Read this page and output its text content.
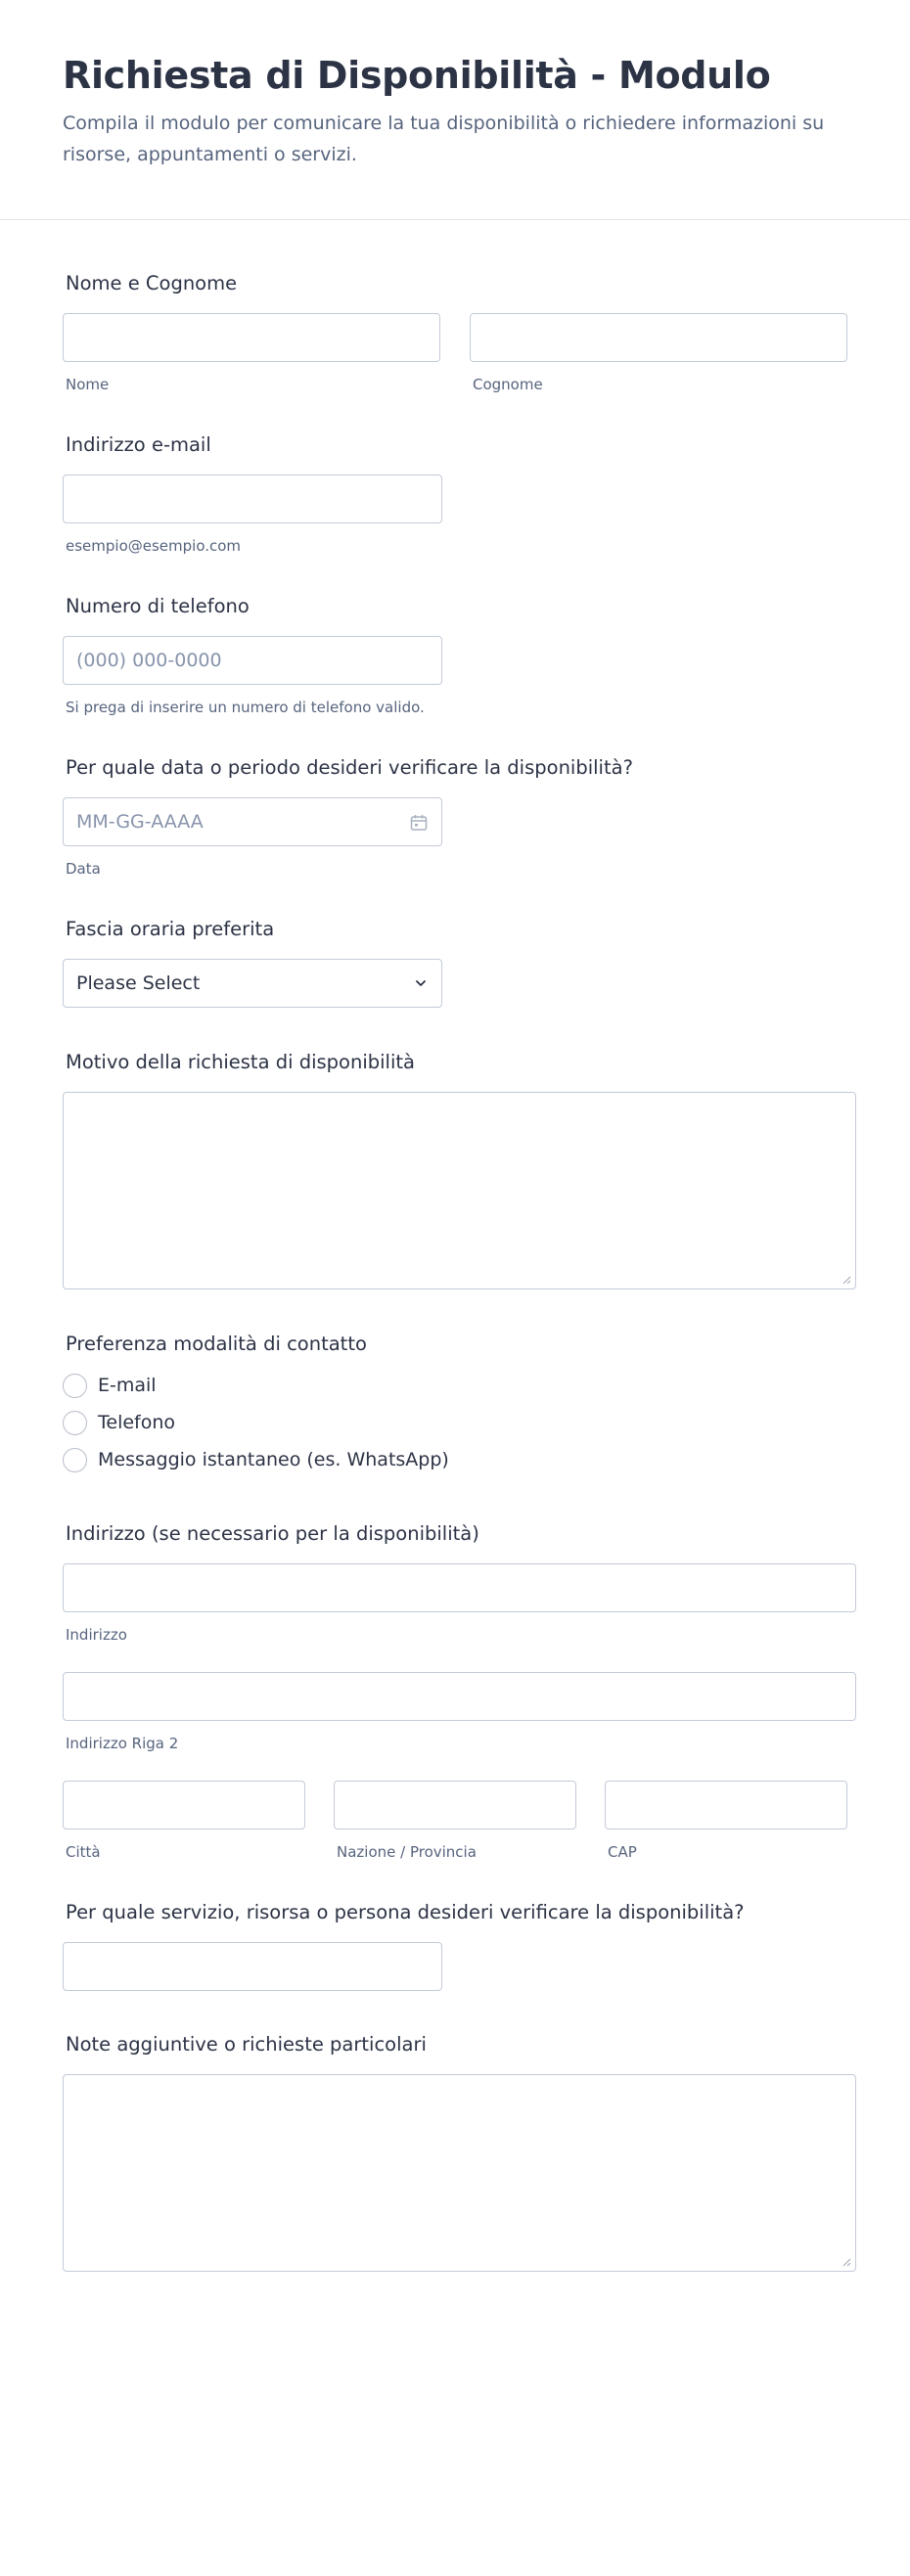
Richiesta di Disponibilità - Modulo

Compila il modulo per comunicare la tua disponibilità o richiedere informazioni su risorse, appuntamenti o servizi.

Nome e Cognome
Nome	Cognome
Indirizzo e-mail
esempio@esempio.com
Numero di telefono
(000) 000-0000
Si prega di inserire un numero di telefono valido.
Per quale data o periodo desideri verificare la disponibilità?
MM-GG-AAAA
Data
Fascia oraria preferita
Please Select
Motivo della richiesta di disponibilità
Preferenza modalità di contatto
E-mail
Telefono
Messaggio istantaneo (es. WhatsApp)
Indirizzo (se necessario per la disponibilità)
Indirizzo
Indirizzo Riga 2
Città	Nazione / Provincia	CAP
Per quale servizio, risorsa o persona desideri verificare la disponibilità?
Note aggiuntive o richieste particolari
